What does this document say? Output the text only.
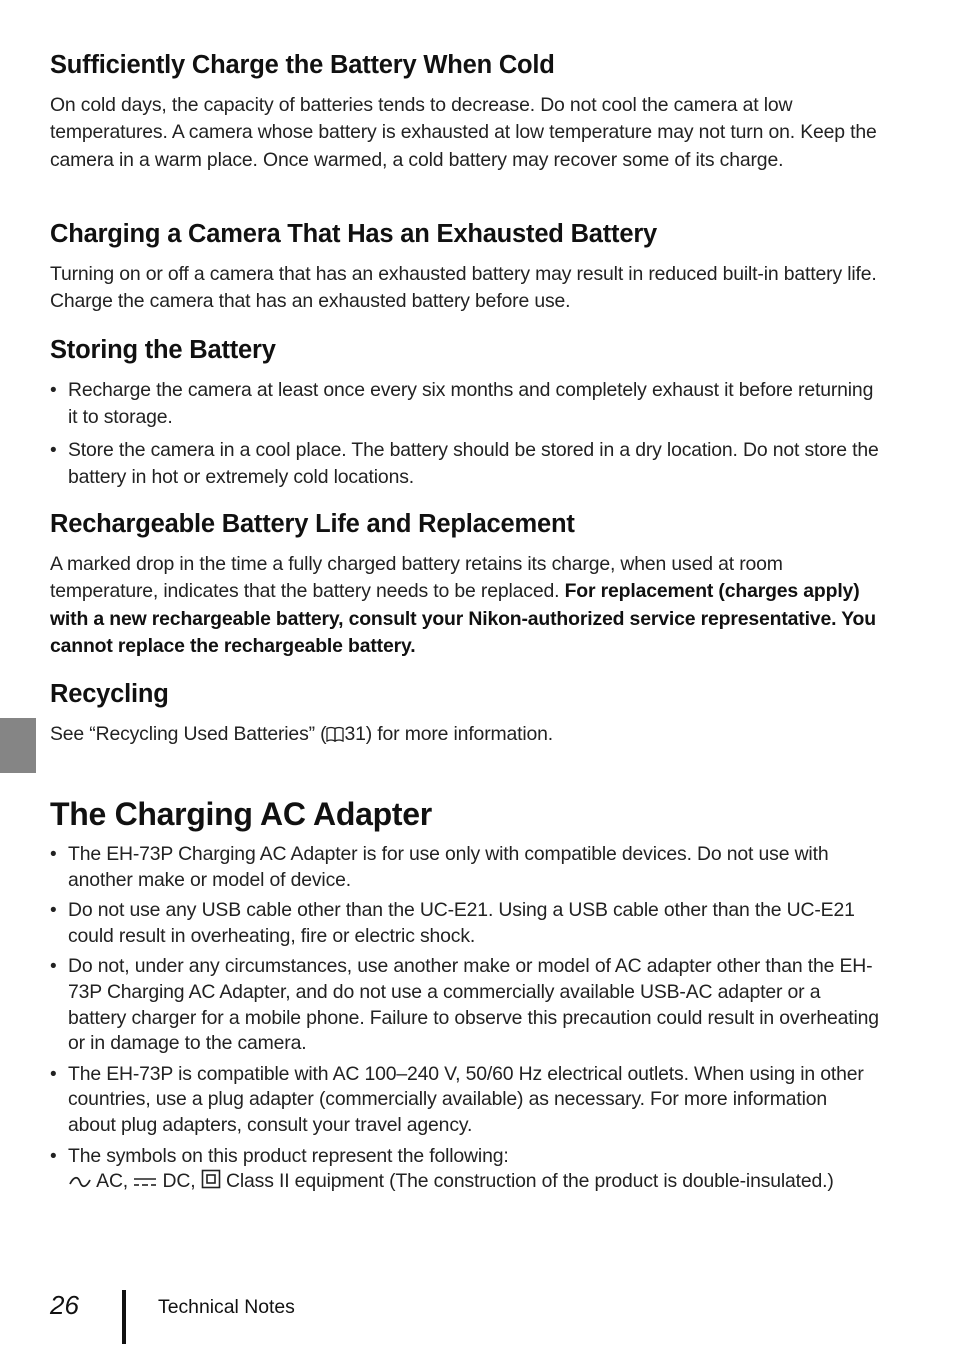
Sufficiently Charge the Battery When Cold

On cold days, the capacity of batteries tends to decrease. Do not cool the camera at low temperatures. A camera whose battery is exhausted at low temperature may not turn on. Keep the camera in a warm place. Once warmed, a cold battery may recover some of its charge.

Charging a Camera That Has an Exhausted Battery

Turning on or off a camera that has an exhausted battery may result in reduced built-in battery life. Charge the camera that has an exhausted battery before use.

Storing the Battery
• Recharge the camera at least once every six months and completely exhaust it before returning it to storage.
• Store the camera in a cool place. The battery should be stored in a dry location. Do not store the battery in hot or extremely cold locations.
Rechargeable Battery Life and Replacement

A marked drop in the time a fully charged battery retains its charge, when used at room temperature, indicates that the battery needs to be replaced. For replacement (charges apply) with a new rechargeable battery, consult your Nikon-authorized service representative. You cannot replace the rechargeable battery.

Recycling

See “Recycling Used Batteries” ( 31) for more information.

The Charging AC Adapter
• The EH-73P Charging AC Adapter is for use only with compatible devices. Do not use with another make or model of device.
• Do not use any USB cable other than the UC-E21. Using a USB cable other than the UC-E21 could result in overheating, fire or electric shock.
• Do not, under any circumstances, use another make or model of AC adapter other than the EH-73P Charging AC Adapter, and do not use a commercially available USB-AC adapter or a battery charger for a mobile phone. Failure to observe this precaution could result in overheating or in damage to the camera.
• The EH-73P is compatible with AC 100–240 V, 50/60 Hz electrical outlets. When using in other countries, use a plug adapter (commercially available) as necessary. For more information about plug adapters, consult your travel agency.
• The symbols on this product represent the following:
AC, DC, Class II equipment (The construction of the product is double-insulated.)
26	Technical Notes
